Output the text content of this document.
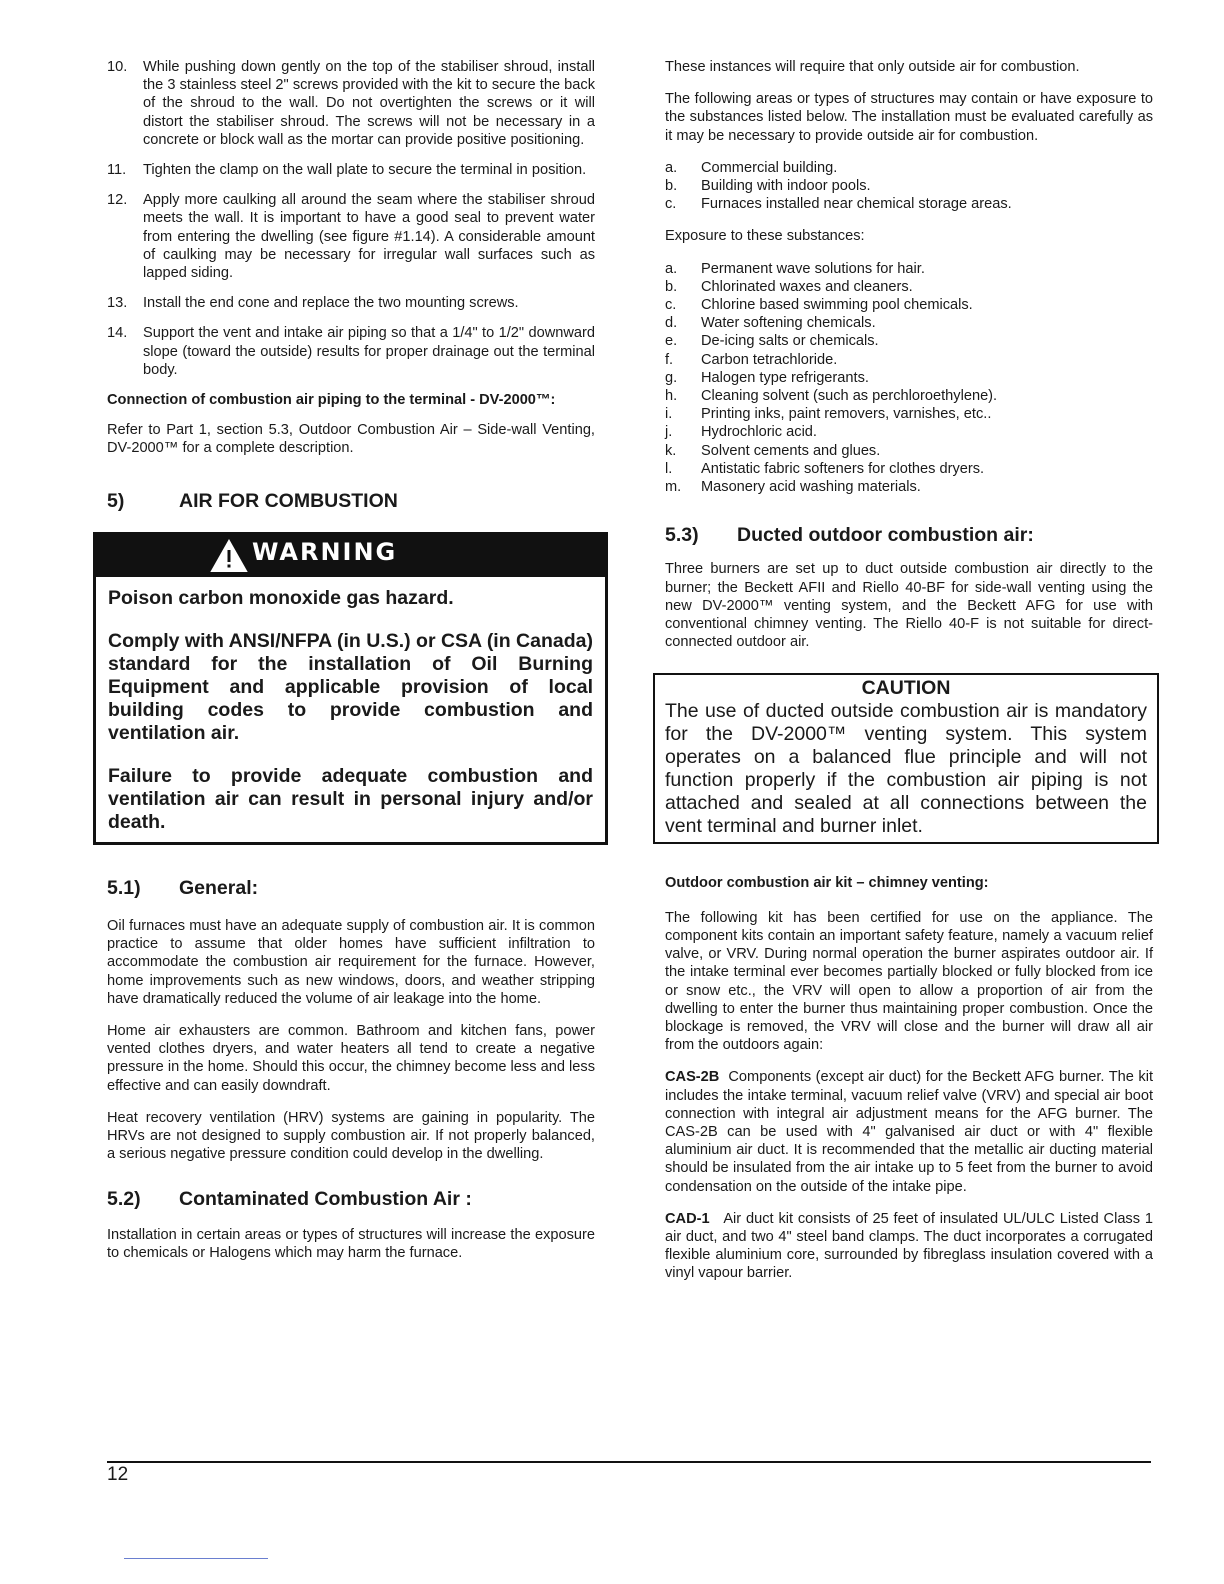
10.	While pushing down gently on the top of the stabiliser shroud, install the 3 stainless steel 2" screws provided with the kit to secure the back of the shroud to the wall. Do not overtighten the screws or it will distort the stabiliser shroud. The screws will not be necessary in a concrete or block wall as the mortar can provide positive positioning.
11.	Tighten the clamp on the wall plate to secure the terminal in position.
12.	Apply more caulking all around the seam where the stabiliser shroud meets the wall. It is important to have a good seal to prevent water from entering the dwelling (see figure #1.14). A considerable amount of caulking may be necessary for irregular wall surfaces such as lapped siding.
13.	Install the end cone and replace the two mounting screws.
14.	Support the vent and intake air piping so that a 1/4" to 1/2" downward slope (toward the outside) results for proper drainage out the terminal body.
Connection of combustion air piping to the terminal - DV-2000™:

Refer to Part 1, section 5.3, Outdoor Combustion Air – Side-wall Venting, DV-2000™ for a complete description.

5)	AIR FOR COMBUSTION
WARNING

Poison carbon monoxide gas hazard.

Comply with ANSI/NFPA (in U.S.) or CSA (in Canada) standard for the installation of Oil Burning Equipment and applicable provision of local building codes to provide combustion and ventilation air.

Failure to provide adequate combustion and ventilation air can result in personal injury and/or death.

5.1)	General:

Oil furnaces must have an adequate supply of combustion air. It is common practice to assume that older homes have sufficient infiltration to accommodate the combustion air requirement for the furnace. However, home improvements such as new windows, doors, and weather stripping have dramatically reduced the volume of air leakage into the home.

Home air exhausters are common. Bathroom and kitchen fans, power vented clothes dryers, and water heaters all tend to create a negative pressure in the home. Should this occur, the chimney become less and less effective and can easily downdraft.

Heat recovery ventilation (HRV) systems are gaining in popularity. The HRVs are not designed to supply combustion air. If not properly balanced, a serious negative pressure condition could develop in the dwelling.

5.2)	Contaminated Combustion Air :

Installation in certain areas or types of structures will increase the exposure to chemicals or Halogens which may harm the furnace.

These instances will require that only outside air for combustion.

The following areas or types of structures may contain or have exposure to the substances listed below. The installation must be evaluated carefully as it may be necessary to provide outside air for combustion.

a.	Commercial building.
b.	Building with indoor pools.
c.	Furnaces installed near chemical storage areas.

Exposure to these substances:

a.	Permanent wave solutions for hair.
b.	Chlorinated waxes and cleaners.
c.	Chlorine based swimming pool chemicals.
d.	Water softening chemicals.
e.	De-icing salts or chemicals.
f.	Carbon tetrachloride.
g.	Halogen type refrigerants.
h.	Cleaning solvent (such as perchloroethylene).
i.	Printing inks, paint removers, varnishes, etc..
j.	Hydrochloric acid.
k.	Solvent cements and glues.
l.	Antistatic fabric softeners for clothes dryers.
m.	Masonery acid washing materials.
5.3)	Ducted outdoor combustion air:

Three burners are set up to duct outside combustion air directly to the burner; the Beckett AFII and Riello 40-BF for side-wall venting using the new DV-2000™ venting system, and the Beckett AFG for use with conventional chimney venting. The Riello 40-F is not suitable for direct-connected outdoor air.

CAUTION
The use of ducted outside combustion air is mandatory for the DV-2000™ venting system. This system operates on a balanced flue principle and will not function properly if the combustion air piping is not attached and sealed at all connections between the vent terminal and burner inlet.
Outdoor combustion air kit – chimney venting:

The following kit has been certified for use on the appliance. The component kits contain an important safety feature, namely a vacuum relief valve, or VRV. During normal operation the burner aspirates outdoor air. If the intake terminal ever becomes partially blocked or fully blocked from ice or snow etc., the VRV will open to allow a proportion of air from the dwelling to enter the burner thus maintaining proper combustion. Once the blockage is removed, the VRV will close and the burner will draw all air from the outdoors again:

CAS-2B Components (except air duct) for the Beckett AFG burner. The kit includes the intake terminal, vacuum relief valve (VRV) and special air boot connection with integral air adjustment means for the AFG burner. The CAS-2B can be used with 4" galvanised air duct or with 4" flexible aluminium air duct. It is recommended that the metallic air ducting material should be insulated from the air intake up to 5 feet from the burner to avoid condensation on the outside of the intake pipe.

CAD-1 Air duct kit consists of 25 feet of insulated UL/ULC Listed Class 1 air duct, and two 4" steel band clamps. The duct incorporates a corrugated flexible aluminium core, surrounded by fibreglass insulation covered with a vinyl vapour barrier.

12
